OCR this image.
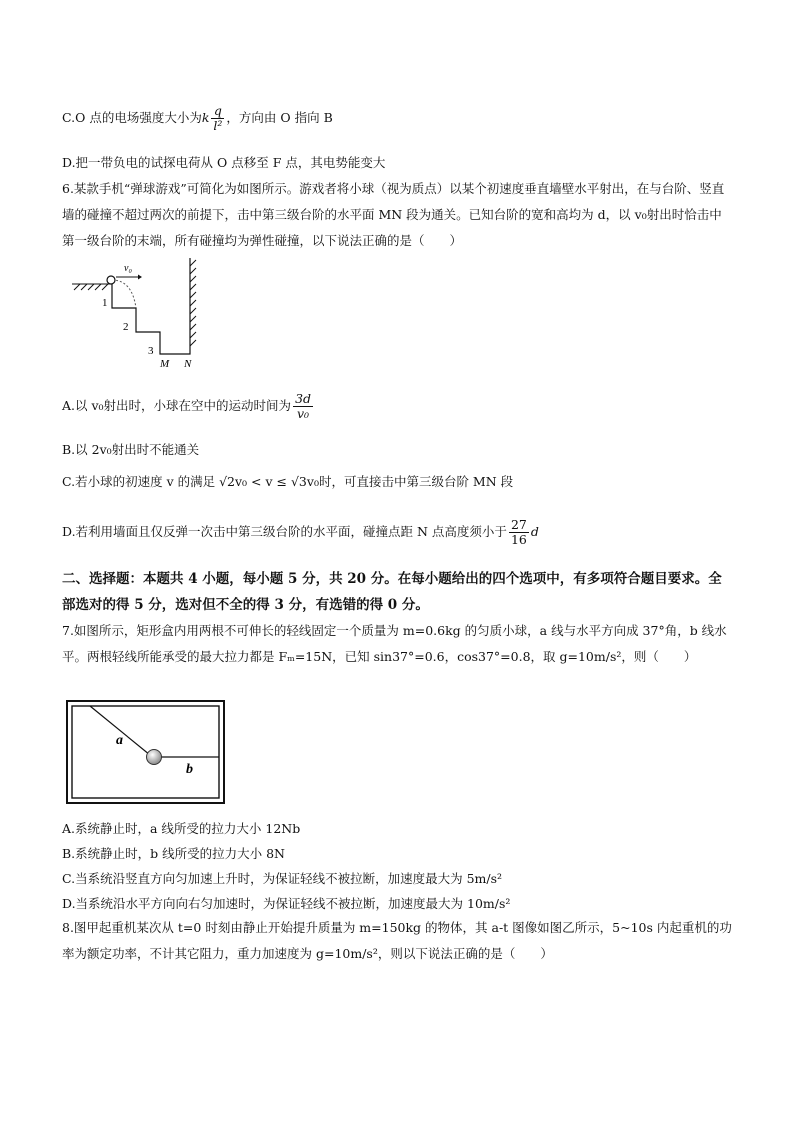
C.O 点的电场强度大小为k $\frac{q}{\text{l²}}$ ，方向由 O 指向 B
D.把一带负电的试探电荷从 O 点移至 F 点，其电势能变大
6.某款手机“弹球游戏”可简化为如图所示。游戏者将小球（视为质点）以某个初速度垂直墙壁水平射出，在与台阶、竖直墙的碰撞不超过两次的前提下，击中第三级台阶的水平面 MN 段为通关。已知台阶的宽和高均为 d，以 v₀射出时恰击中第一级台阶的末端，所有碰撞均为弹性碰撞，以下说法正确的是（　　）
v₀
1
2
3
M N
A.以 v₀射出时，小球在空中的运动时间为 $\frac{3d}{\text{v₀}}$
B.以 2v₀射出时不能通关
C.若小球的初速度 v 的满足 √2v₀ < v ≤ √3v₀时，可直接击中第三级台阶 MN 段
D.若利用墙面且仅反弹一次击中第三级台阶的水平面，碰撞点距 N 点高度须小于 $\frac{27}{16}$ d
二、选择题：本题共 4 小题，每小题 5 分，共 20 分。在每小题给出的四个选项中，有多项符合题目要求。全部选对的得 5 分，选对但不全的得 3 分，有选错的得 0 分。
7.如图所示，矩形盒内用两根不可伸长的轻线固定一个质量为 m=0.6kg 的匀质小球，a 线与水平方向成 37°角，b 线水平。两根轻线所能承受的最大拉力都是 Fₘ=15N，已知 sin37°=0.6，cos37°=0.8，取 g=10m/s²，则（　　）
a
b
A.系统静止时，a 线所受的拉力大小 12Nb
B.系统静止时，b 线所受的拉力大小 8N
C.当系统沿竖直方向匀加速上升时，为保证轻线不被拉断，加速度最大为 5m/s²
D.当系统沿水平方向向右匀加速时，为保证轻线不被拉断，加速度最大为 10m/s²
8.图甲起重机某次从 t=0 时刻由静止开始提升质量为 m=150kg 的物体，其 a-t 图像如图乙所示，5~10s 内起重机的功率为额定功率，不计其它阻力，重力加速度为 g=10m/s²，则以下说法正确的是（　　）
